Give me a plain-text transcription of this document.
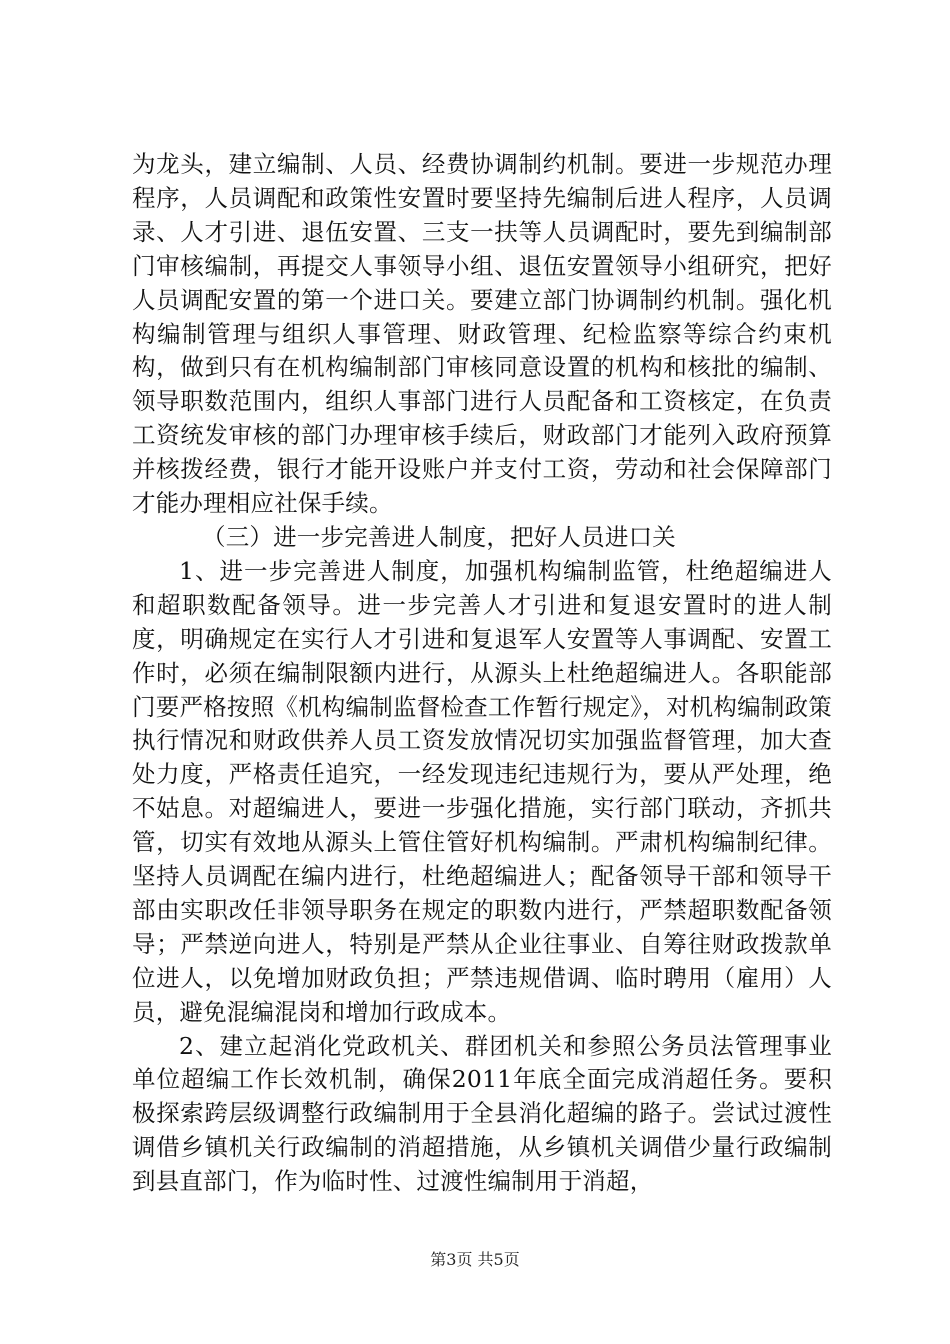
为龙头，建立编制、人员、经费协调制约机制。要进一步规范办理程序，人员调配和政策性安置时要坚持先编制后进人程序，人员调录、人才引进、退伍安置、三支一扶等人员调配时，要先到编制部门审核编制，再提交人事领导小组、退伍安置领导小组研究，把好人员调配安置的第一个进口关。要建立部门协调制约机制。强化机构编制管理与组织人事管理、财政管理、纪检监察等综合约束机构，做到只有在机构编制部门审核同意设置的机构和核批的编制、领导职数范围内，组织人事部门进行人员配备和工资核定，在负责工资统发审核的部门办理审核手续后，财政部门才能列入政府预算并核拨经费，银行才能开设账户并支付工资，劳动和社会保障部门才能办理相应社保手续。

（三）进一步完善进人制度，把好人员进口关

1、进一步完善进人制度，加强机构编制监管，杜绝超编进人和超职数配备领导。进一步完善人才引进和复退安置时的进人制度，明确规定在实行人才引进和复退军人安置等人事调配、安置工作时，必须在编制限额内进行，从源头上杜绝超编进人。各职能部门要严格按照《机构编制监督检查工作暂行规定》，对机构编制政策执行情况和财政供养人员工资发放情况切实加强监督管理，加大查处力度，严格责任追究，一经发现违纪违规行为，要从严处理，绝不姑息。对超编进人，要进一步强化措施，实行部门联动，齐抓共管，切实有效地从源头上管住管好机构编制。严肃机构编制纪律。坚持人员调配在编内进行，杜绝超编进人；配备领导干部和领导干部由实职改任非领导职务在规定的职数内进行，严禁超职数配备领导；严禁逆向进人，特别是严禁从企业往事业、自筹往财政拨款单位进人，以免增加财政负担；严禁违规借调、临时聘用（雇用）人员，避免混编混岗和增加行政成本。

2、建立起消化党政机关、群团机关和参照公务员法管理事业单位超编工作长效机制，确保2011年底全面完成消超任务。要积极探索跨层级调整行政编制用于全县消化超编的路子。尝试过渡性调借乡镇机关行政编制的消超措施，从乡镇机关调借少量行政编制到县直部门，作为临时性、过渡性编制用于消超，

第3页 共5页
